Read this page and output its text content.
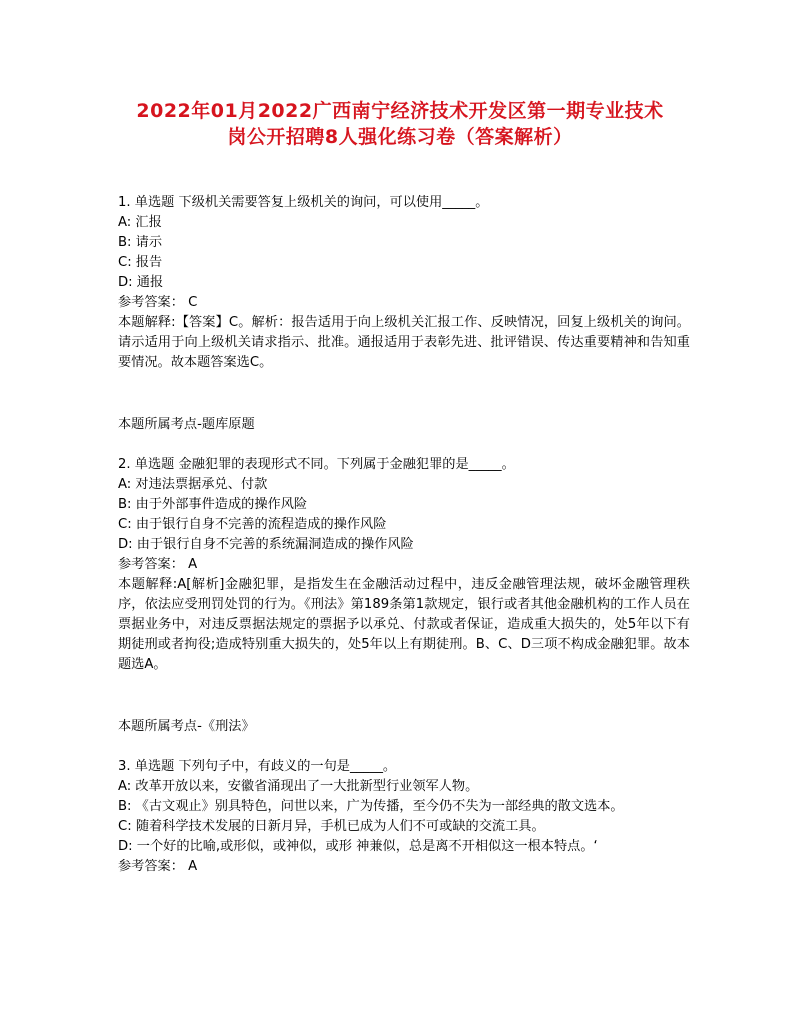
2022年01月2022广西南宁经济技术开发区第一期专业技术
岗公开招聘8人强化练习卷（答案解析）
1. 单选题 下级机关需要答复上级机关的询问，可以使用_____。
A: 汇报
B: 请示
C: 报告
D: 通报
参考答案： C
本题解释:【答案】C。解析：报告适用于向上级机关汇报工作、反映情况，回复上级机关的询问。请示适用于向上级机关请求指示、批准。通报适用于表彰先进、批评错误、传达重要精神和告知重要情况。故本题答案选C。
本题所属考点-题库原题
2. 单选题 金融犯罪的表现形式不同。下列属于金融犯罪的是_____。
A: 对违法票据承兑、付款
B: 由于外部事件造成的操作风险
C: 由于银行自身不完善的流程造成的操作风险
D: 由于银行自身不完善的系统漏洞造成的操作风险
参考答案： A
本题解释:A[解析]金融犯罪，是指发生在金融活动过程中，违反金融管理法规，破坏金融管理秩序，依法应受刑罚处罚的行为。《刑法》第189条第1款规定，银行或者其他金融机构的工作人员在票据业务中，对违反票据法规定的票据予以承兑、付款或者保证，造成重大损失的，处5年以下有期徒刑或者拘役;造成特别重大损失的，处5年以上有期徒刑。B、C、D三项不构成金融犯罪。故本题选A。
本题所属考点-《刑法》
3. 单选题 下列句子中，有歧义的一句是_____。
A: 改革开放以来，安徽省涌现出了一大批新型行业领军人物。
B: 《古文观止》别具特色，问世以来，广为传播，至今仍不失为一部经典的散文选本。
C: 随着科学技术发展的日新月异，手机已成为人们不可或缺的交流工具。
D: 一个好的比喻,或形似，或神似，或形 神兼似，总是离不开相似这一根本特点。‘
参考答案： A
